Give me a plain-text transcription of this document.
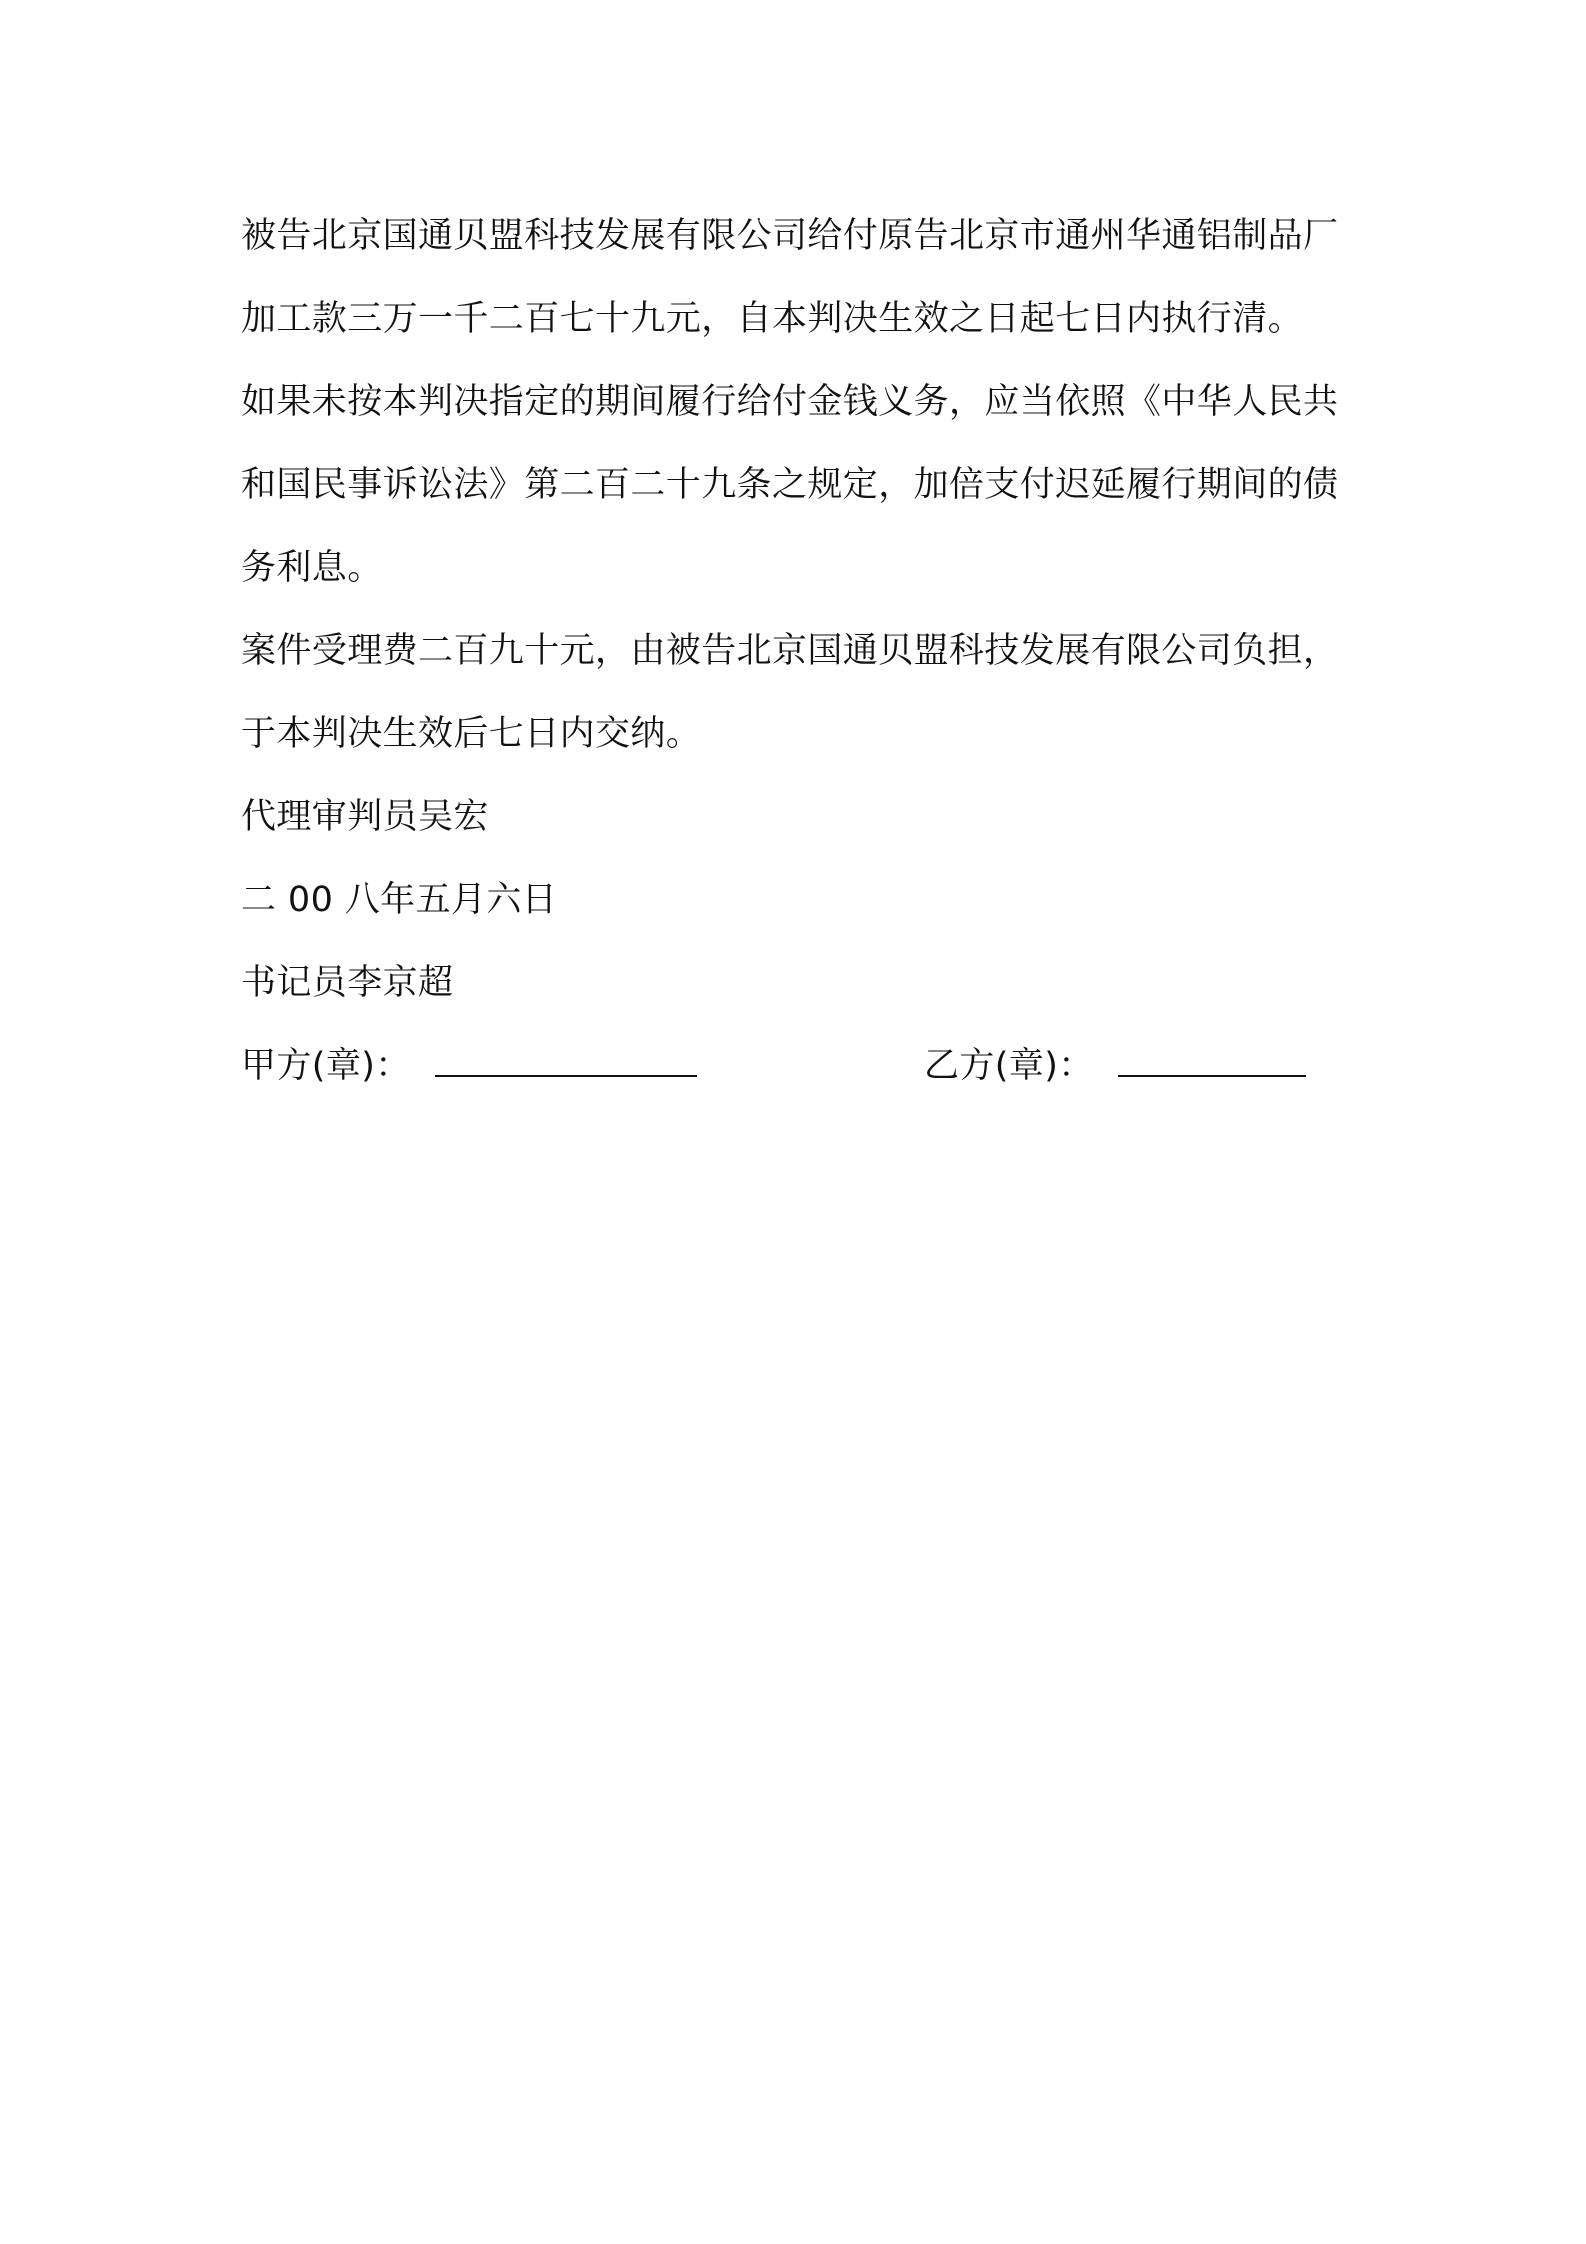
被告北京国通贝盟科技发展有限公司给付原告北京市通州华通铝制品厂加工款三万一千二百七十九元，自本判决生效之日起七日内执行清。

如果未按本判决指定的期间履行给付金钱义务，应当依照《中华人民共和国民事诉讼法》第二百二十九条之规定，加倍支付迟延履行期间的债务利息。

案件受理费二百九十元，由被告北京国通贝盟科技发展有限公司负担，于本判决生效后七日内交纳。

代理审判员吴宏

二 00 八年五月六日

书记员李京超

甲方(章)：	乙方(章)：
